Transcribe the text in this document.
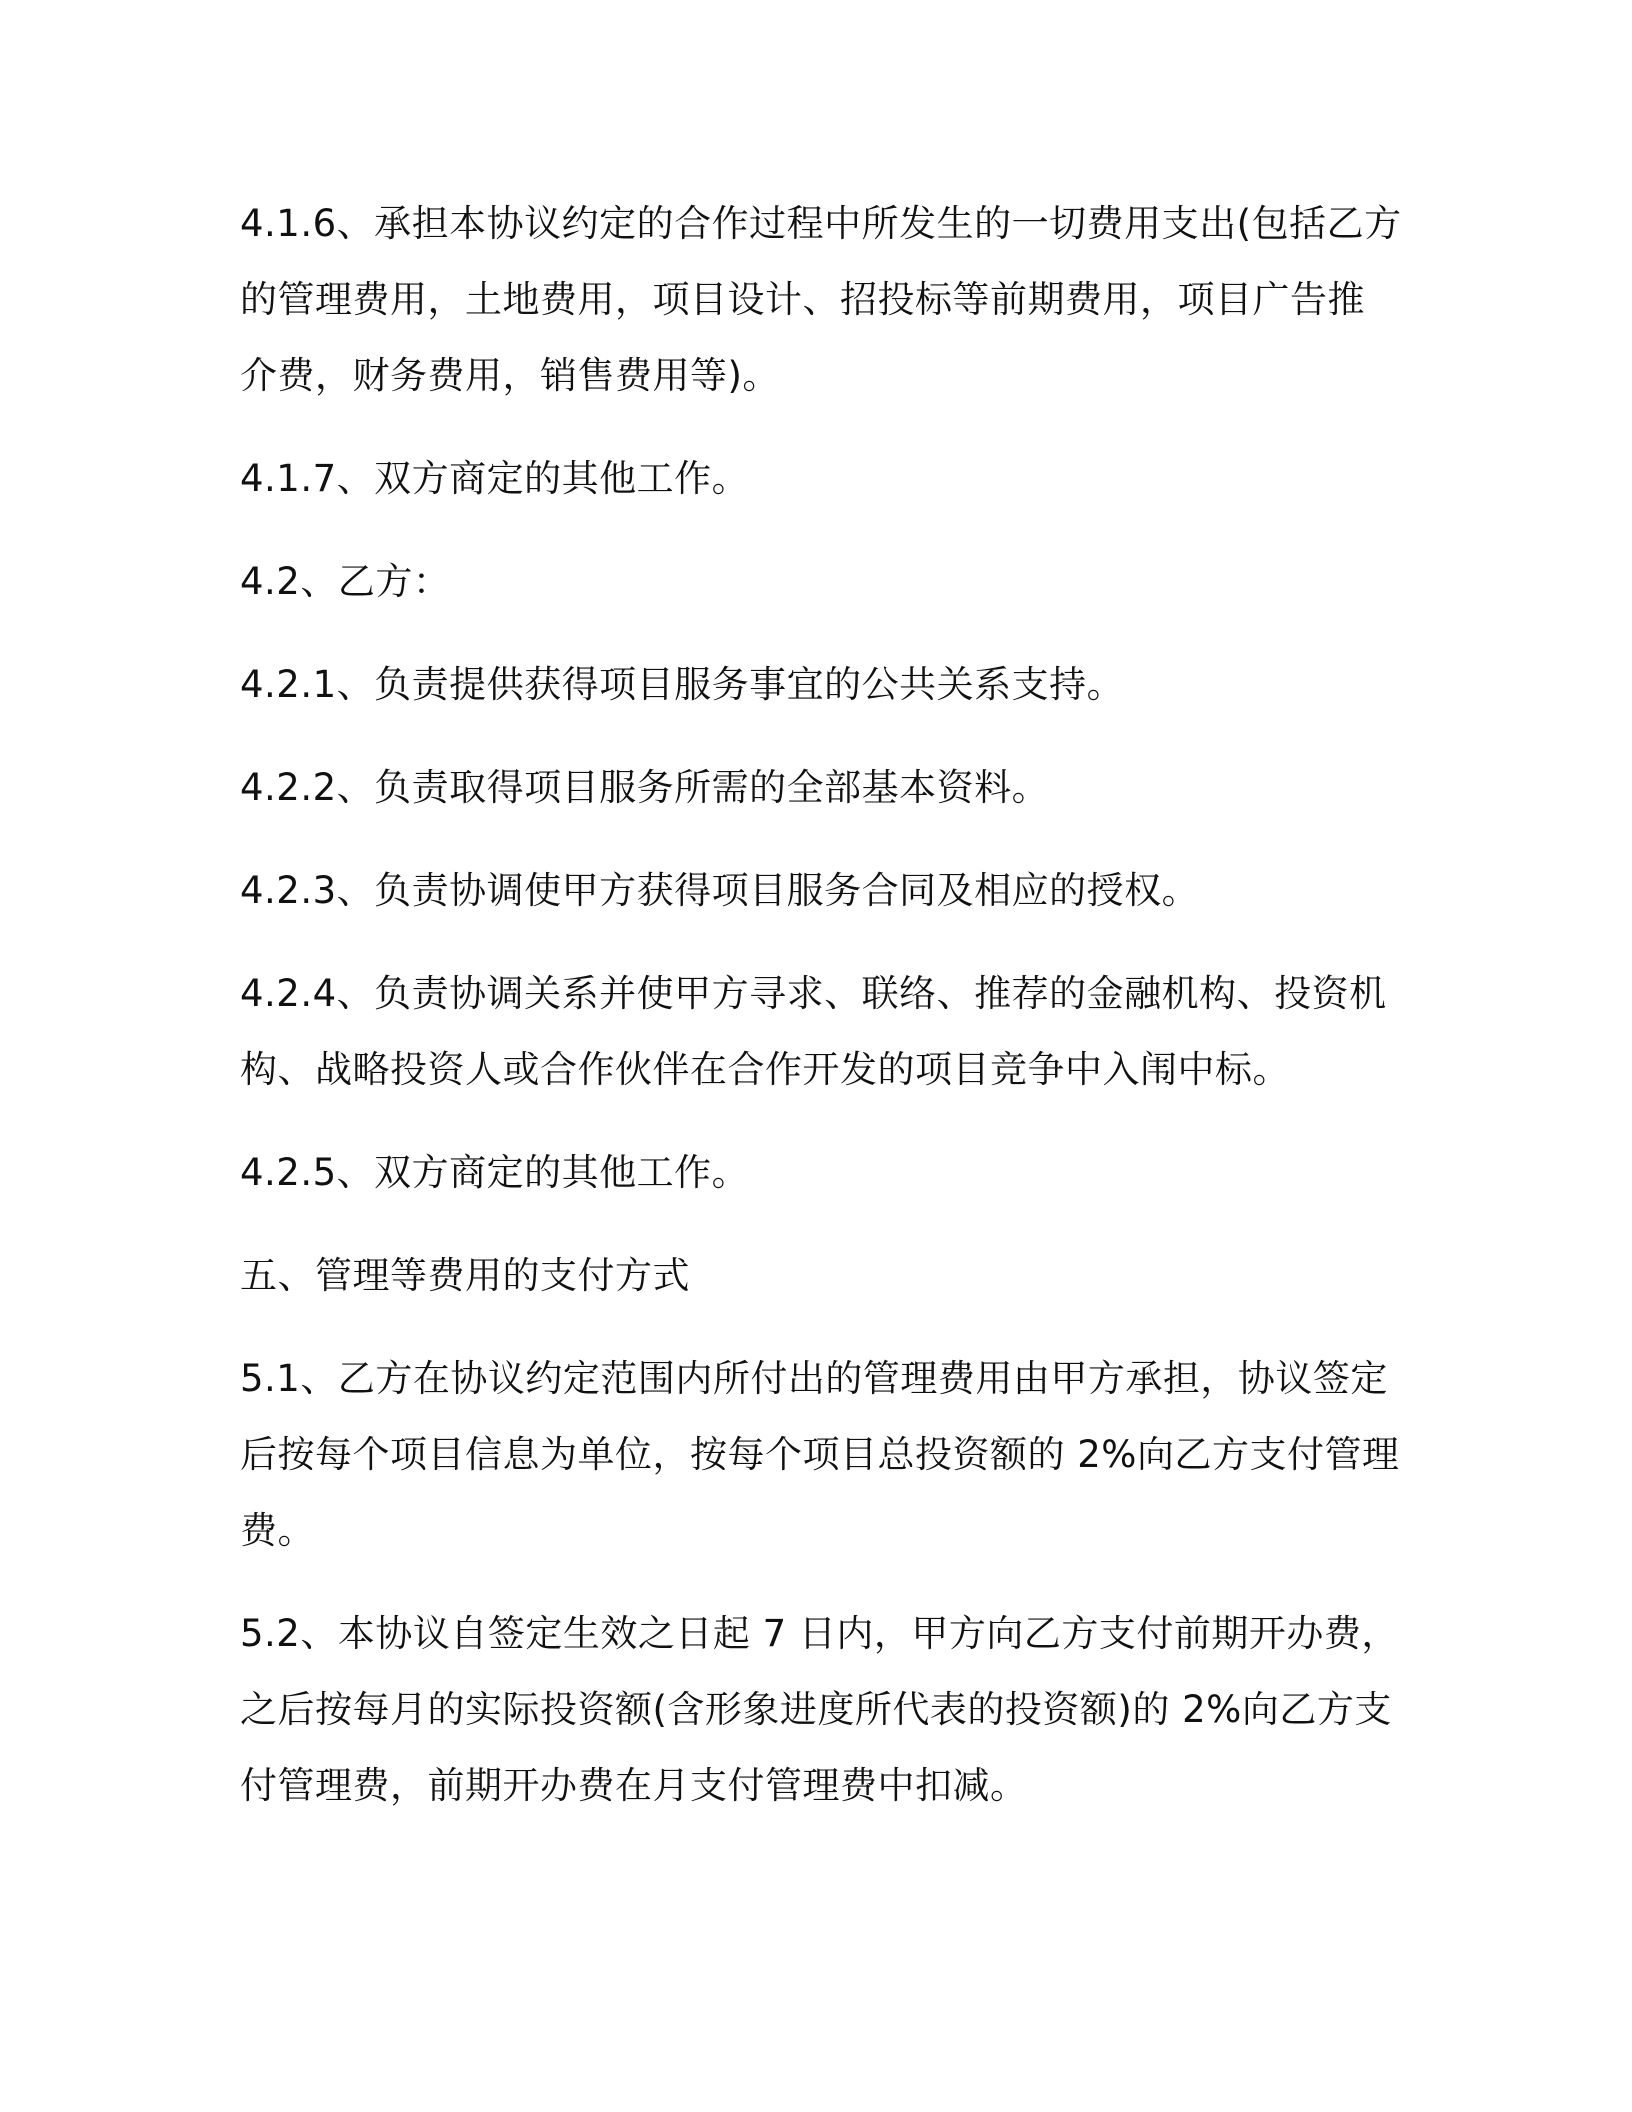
4.1.6、承担本协议约定的合作过程中所发生的一切费用支出(包括乙方
的管理费用，土地费用，项目设计、招投标等前期费用，项目广告推
介费，财务费用，销售费用等)。

4.1.7、双方商定的其他工作。

4.2、乙方：

4.2.1、负责提供获得项目服务事宜的公共关系支持。

4.2.2、负责取得项目服务所需的全部基本资料。

4.2.3、负责协调使甲方获得项目服务合同及相应的授权。

4.2.4、负责协调关系并使甲方寻求、联络、推荐的金融机构、投资机
构、战略投资人或合作伙伴在合作开发的项目竞争中入闱中标。

4.2.5、双方商定的其他工作。

五、管理等费用的支付方式

5.1、乙方在协议约定范围内所付出的管理费用由甲方承担，协议签定
后按每个项目信息为单位，按每个项目总投资额的 2%向乙方支付管理
费。

5.2、本协议自签定生效之日起 7 日内，甲方向乙方支付前期开办费，
之后按每月的实际投资额(含形象进度所代表的投资额)的 2%向乙方支
付管理费，前期开办费在月支付管理费中扣减。
